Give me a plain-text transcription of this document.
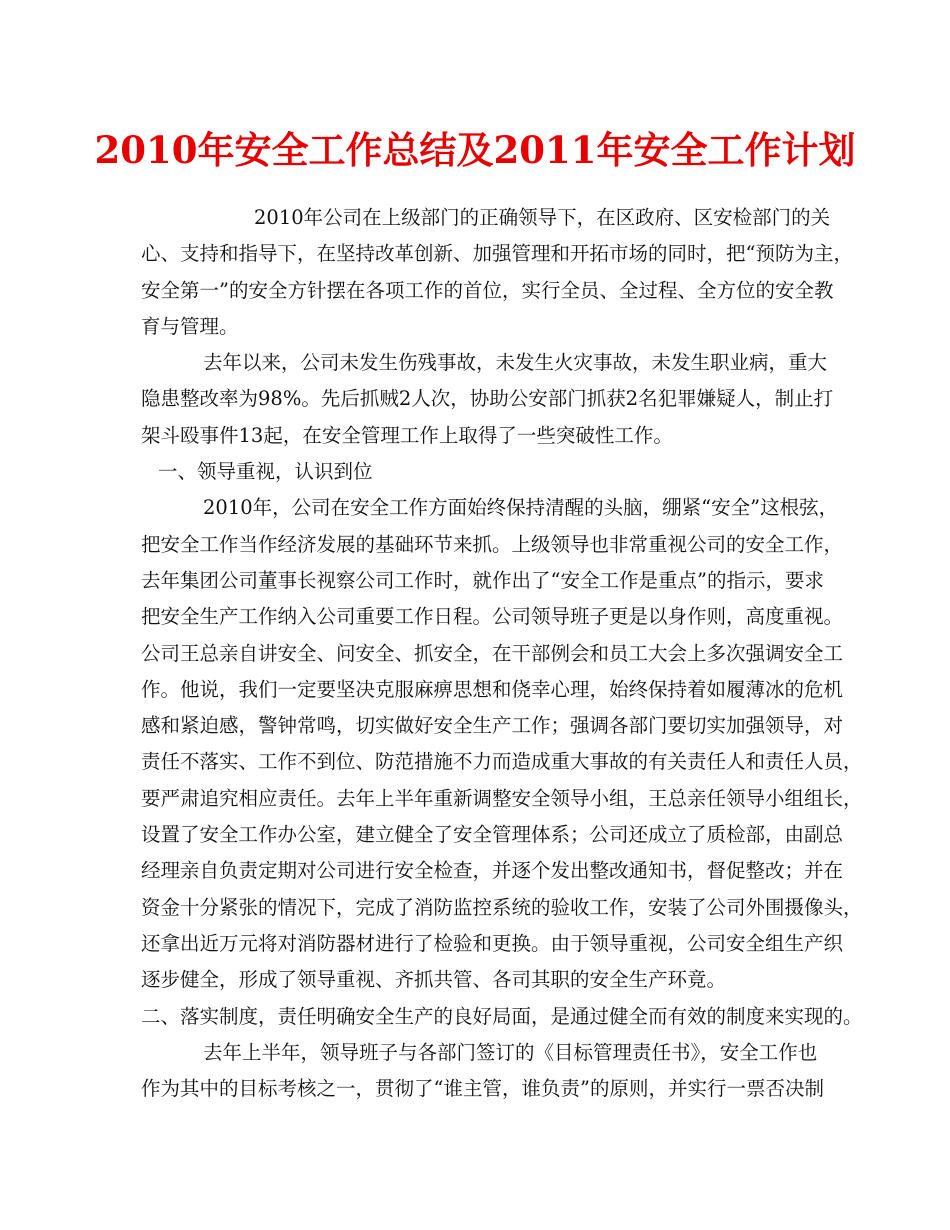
2010年安全工作总结及2011年安全工作计划
2010年公司在上级部门的正确领导下，在区政府、区安检部门的关
心、支持和指导下，在坚持改革创新、加强管理和开拓市场的同时，把“预防为主，
安全第一”的安全方针摆在各项工作的首位，实行全员、全过程、全方位的安全教
育与管理。
去年以来，公司未发生伤残事故，未发生火灾事故，未发生职业病，重大
隐患整改率为98%。先后抓贼2人次，协助公安部门抓获2名犯罪嫌疑人，制止打
架斗殴事件13起，在安全管理工作上取得了一些突破性工作。
一、领导重视，认识到位
2010年，公司在安全工作方面始终保持清醒的头脑，绷紧“安全”这根弦，
把安全工作当作经济发展的基础环节来抓。上级领导也非常重视公司的安全工作，
去年集团公司董事长视察公司工作时，就作出了“安全工作是重点”的指示，要求
把安全生产工作纳入公司重要工作日程。公司领导班子更是以身作则，高度重视。
公司王总亲自讲安全、问安全、抓安全，在干部例会和员工大会上多次强调安全工
作。他说，我们一定要坚决克服麻痹思想和侥幸心理，始终保持着如履薄冰的危机
感和紧迫感，警钟常鸣，切实做好安全生产工作；强调各部门要切实加强领导，对
责任不落实、工作不到位、防范措施不力而造成重大事故的有关责任人和责任人员，
要严肃追究相应责任。去年上半年重新调整安全领导小组，王总亲任领导小组组长，
设置了安全工作办公室，建立健全了安全管理体系；公司还成立了质检部，由副总
经理亲自负责定期对公司进行安全检查，并逐个发出整改通知书，督促整改；并在
资金十分紧张的情况下，完成了消防监控系统的验收工作，安装了公司外围摄像头，
还拿出近万元将对消防器材进行了检验和更换。由于领导重视，公司安全组生产织
逐步健全，形成了领导重视、齐抓共管、各司其职的安全生产环竟。
二、落实制度，责任明确安全生产的良好局面，是通过健全而有效的制度来实现的。
去年上半年，领导班子与各部门签订的《目标管理责任书》，安全工作也
作为其中的目标考核之一，贯彻了“谁主管，谁负责”的原则，并实行一票否决制
